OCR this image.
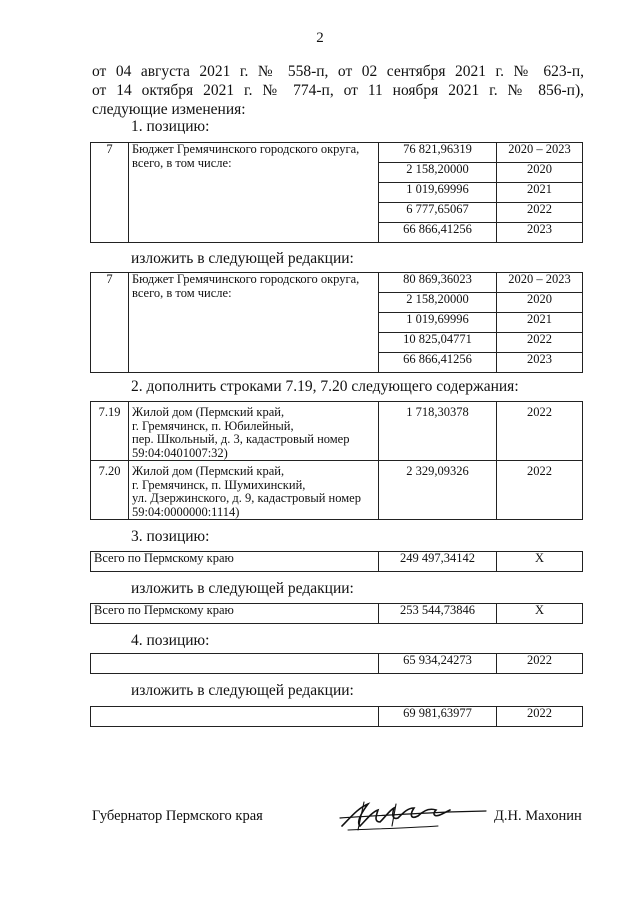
2
от 04 августа 2021 г. № 558-п, от 02 сентября 2021 г. № 623-п,
от 14 октября 2021 г. № 774-п, от 11 ноября 2021 г. № 856-п),
следующие изменения:
1. позицию:
7	Бюджет Гремячинского городского округа, всего, в том числе:	76 821,96319	2020 – 2023
		2 158,20000	2020
		1 019,69996	2021
		6 777,65067	2022
		66 866,41256	2023
изложить в следующей редакции:
7	Бюджет Гремячинского городского округа, всего, в том числе:	80 869,36023	2020 – 2023
		2 158,20000	2020
		1 019,69996	2021
		10 825,04771	2022
		66 866,41256	2023
2. дополнить строками 7.19, 7.20 следующего содержания:
7.19	Жилой дом (Пермский край,
г. Гремячинск, п. Юбилейный,
пер. Школьный, д. 3, кадастровый номер
59:04:0401007:32)	1 718,30378	2022
7.20	Жилой дом (Пермский край,
г. Гремячинск, п. Шумихинский,
ул. Дзержинского, д. 9, кадастровый номер
59:04:0000000:1114)	2 329,09326	2022
3. позицию:
Всего по Пермскому краю	249 497,34142	X
изложить в следующей редакции:
Всего по Пермскому краю	253 544,73846	X
4. позицию:
	65 934,24273	2022
изложить в следующей редакции:
	69 981,63977	2022
Губернатор Пермского края	Д.Н. Махонин
